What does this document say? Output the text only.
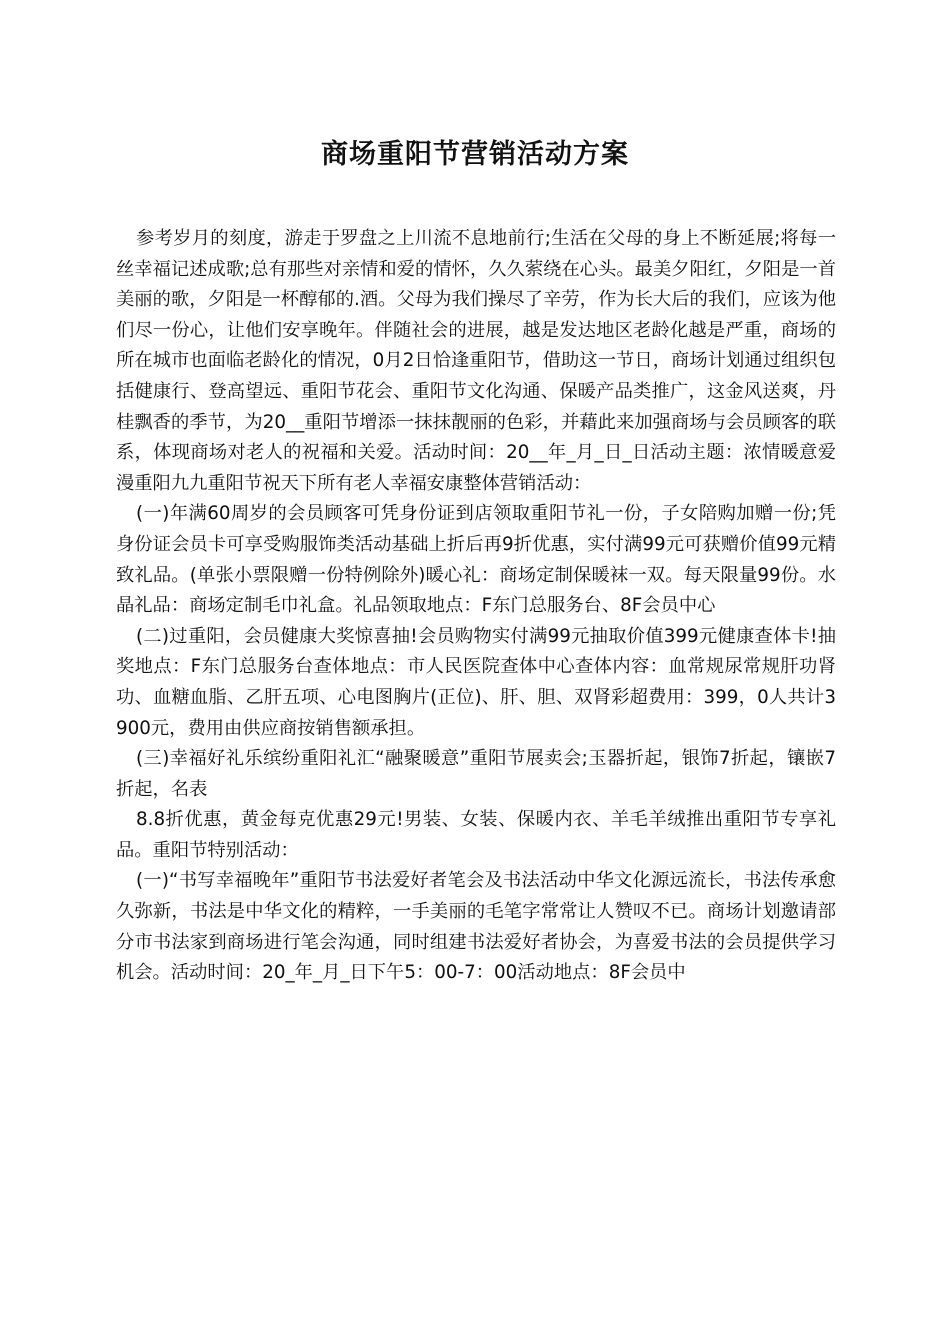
商场重阳节营销活动方案

参考岁月的刻度，游走于罗盘之上川流不息地前行;生活在父母的身上不断延展;将每一丝幸福记述成歌;总有那些对亲情和爱的情怀，久久萦绕在心头。最美夕阳红，夕阳是一首美丽的歌，夕阳是一杯醇郁的.酒。父母为我们操尽了辛劳，作为长大后的我们，应该为他们尽一份心，让他们安享晚年。伴随社会的进展，越是发达地区老龄化越是严重，商场的所在城市也面临老龄化的情况，0月2日恰逢重阳节，借助这一节日，商场计划通过组织包括健康行、登高望远、重阳节花会、重阳节文化沟通、保暖产品类推广，这金风送爽，丹桂飘香的季节，为20__重阳节增添一抹抹靓丽的色彩，并藉此来加强商场与会员顾客的联系，体现商场对老人的祝福和关爱。活动时间：20__年_月_日_日活动主题：浓情暖意爱漫重阳九九重阳节祝天下所有老人幸福安康整体营销活动：

(一)年满60周岁的会员顾客可凭身份证到店领取重阳节礼一份，子女陪购加赠一份;凭身份证会员卡可享受购服饰类活动基础上折后再9折优惠，实付满99元可获赠价值99元精致礼品。(单张小票限赠一份特例除外)暖心礼：商场定制保暖袜一双。每天限量99份。水晶礼品：商场定制毛巾礼盒。礼品领取地点：F东门总服务台、8F会员中心

(二)过重阳，会员健康大奖惊喜抽!会员购物实付满99元抽取价值399元健康查体卡!抽奖地点：F东门总服务台查体地点：市人民医院查体中心查体内容：血常规尿常规肝功肾功、血糖血脂、乙肝五项、心电图胸片(正位)、肝、胆、双肾彩超费用：399，0人共计3900元，费用由供应商按销售额承担。

(三)幸福好礼乐缤纷重阳礼汇“融聚暖意”重阳节展卖会;玉器折起，银饰7折起，镶嵌7折起，名表

8.8折优惠，黄金每克优惠29元!男装、女装、保暖内衣、羊毛羊绒推出重阳节专享礼品。重阳节特别活动：

(一)“书写幸福晚年”重阳节书法爱好者笔会及书法活动中华文化源远流长，书法传承愈久弥新，书法是中华文化的精粹，一手美丽的毛笔字常常让人赞叹不已。商场计划邀请部分市书法家到商场进行笔会沟通，同时组建书法爱好者协会，为喜爱书法的会员提供学习机会。活动时间：20_年_月_日下午5：00-7：00活动地点：8F会员中
